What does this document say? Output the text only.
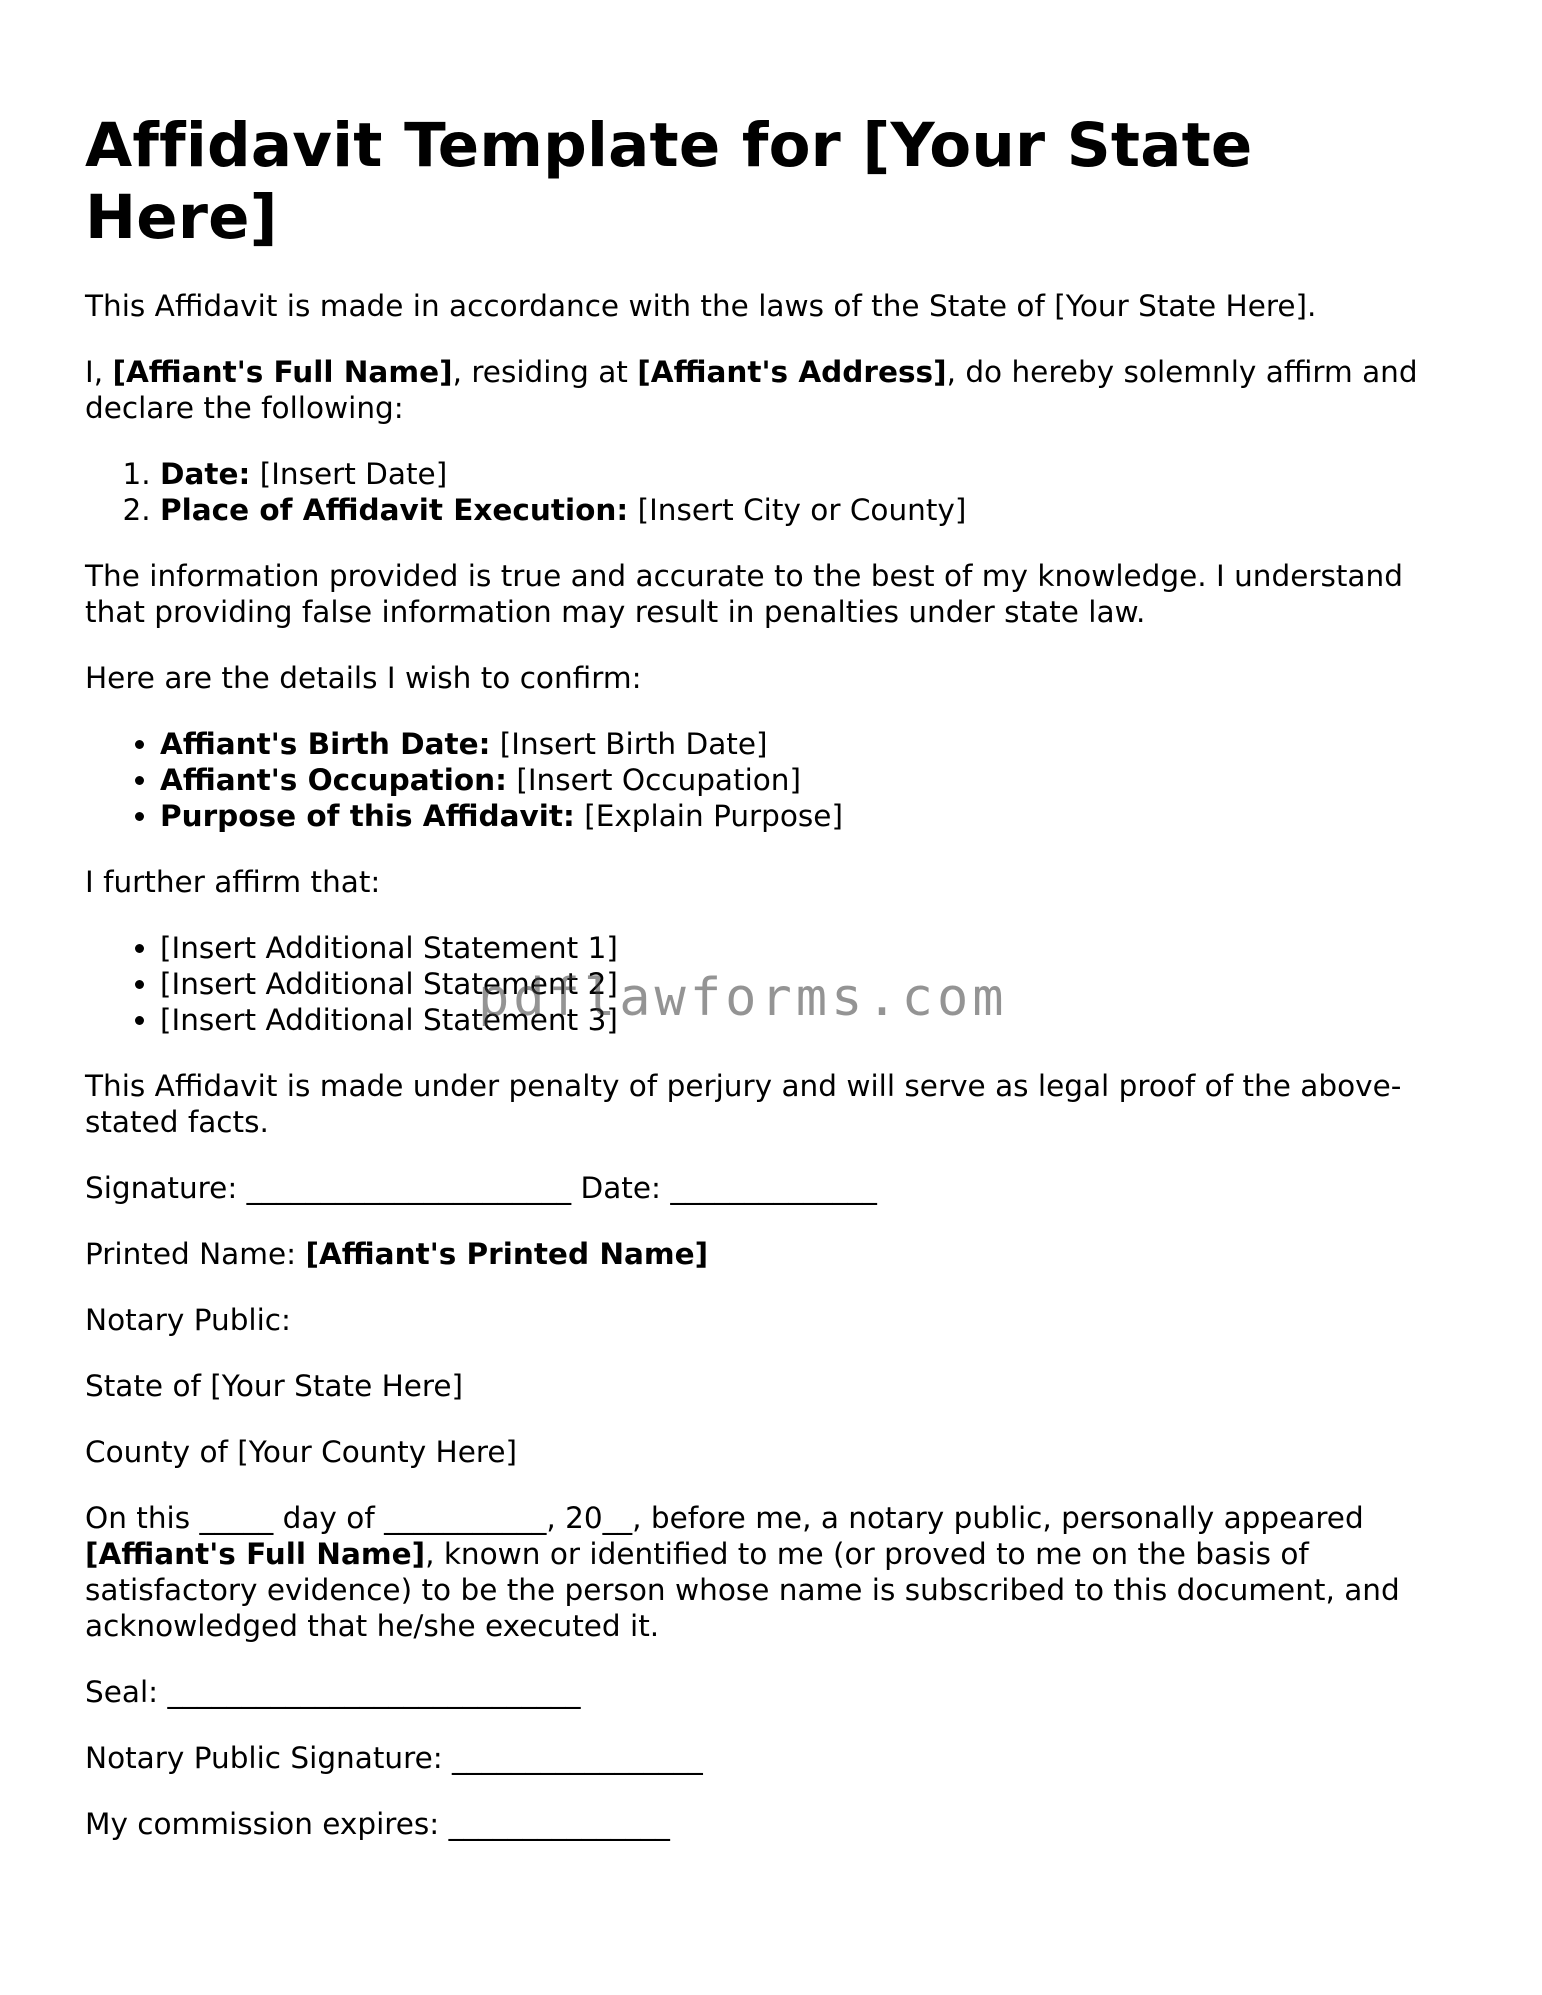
Affidavit Template for [Your State Here]

This Affidavit is made in accordance with the laws of the State of [Your State Here].

I, [Affiant's Full Name], residing at [Affiant's Address], do hereby solemnly affirm and declare the following:

1. Date: [Insert Date]
2. Place of Affidavit Execution: [Insert City or County]

The information provided is true and accurate to the best of my knowledge. I understand that providing false information may result in penalties under state law.

Here are the details I wish to confirm:

• Affiant's Birth Date: [Insert Birth Date]
• Affiant's Occupation: [Insert Occupation]
• Purpose of this Affidavit: [Explain Purpose]

I further affirm that:

• [Insert Additional Statement 1]
• [Insert Additional Statement 2]
• [Insert Additional Statement 3]

This Affidavit is made under penalty of perjury and will serve as legal proof of the above-stated facts.

Signature: ______________________ Date: ______________

Printed Name: [Affiant's Printed Name]

Notary Public:

State of [Your State Here]

County of [Your County Here]

On this _____ day of ___________, 20__, before me, a notary public, personally appeared [Affiant's Full Name], known or identified to me (or proved to me on the basis of satisfactory evidence) to be the person whose name is subscribed to this document, and acknowledged that he/she executed it.

Seal: ____________________________

Notary Public Signature: _________________

My commission expires: _______________

pdflawforms.com
